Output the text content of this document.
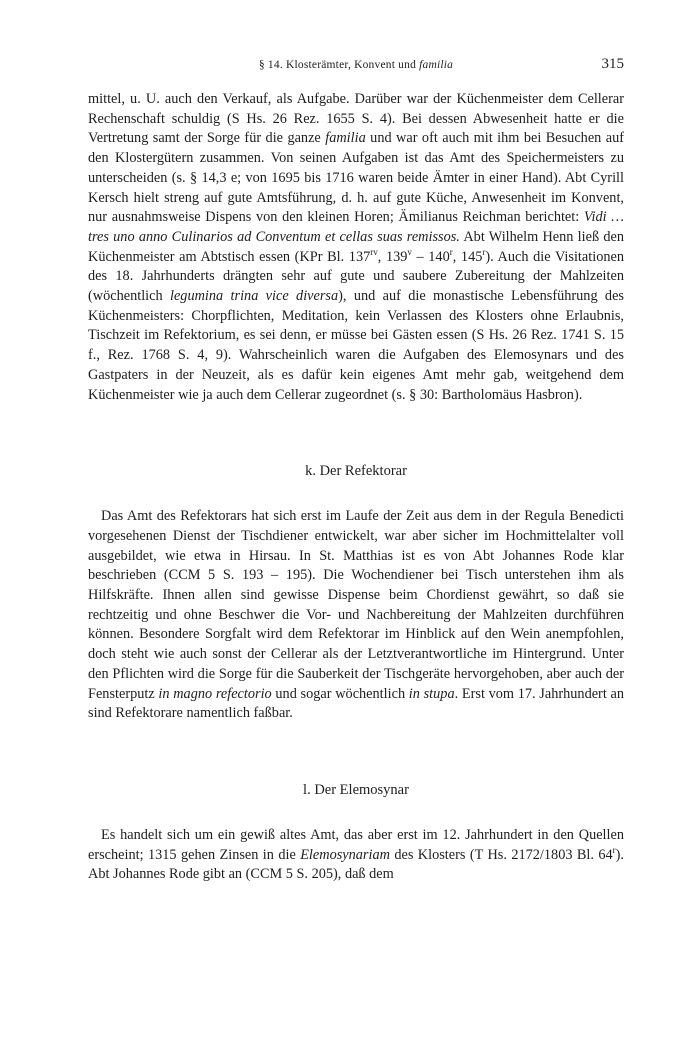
§ 14. Klosterämter, Konvent und familia	315

mittel, u. U. auch den Verkauf, als Aufgabe. Darüber war der Küchenmeister dem Cellerar Rechenschaft schuldig (S Hs. 26 Rez. 1655 S. 4). Bei dessen Abwesenheit hatte er die Vertretung samt der Sorge für die ganze familia und war oft auch mit ihm bei Besuchen auf den Klostergütern zusammen. Von seinen Aufgaben ist das Amt des Speichermeisters zu unterscheiden (s. § 14,3 e; von 1695 bis 1716 waren beide Ämter in einer Hand). Abt Cyrill Kersch hielt streng auf gute Amtsführung, d. h. auf gute Küche, Anwesenheit im Konvent, nur ausnahmsweise Dispens von den kleinen Horen; Ämilianus Reichman berichtet: Vidi … tres uno anno Culinarios ad Conventum et cellas suas remissos. Abt Wilhelm Henn ließ den Küchenmeister am Abtstisch essen (KPr Bl. $137^{rv}$, 139$^v$ – 140$^r$, 145$^r$). Auch die Visitationen des 18. Jahrhunderts drängten sehr auf gute und saubere Zubereitung der Mahlzeiten (wöchentlich legumina trina vice diversa), und auf die monastische Lebensführung des Küchenmeisters: Chorpflichten, Meditation, kein Verlassen des Klosters ohne Erlaubnis, Tischzeit im Refektorium, es sei denn, er müsse bei Gästen essen (S Hs. 26 Rez. 1741 S. 15 f., Rez. 1768 S. 4, 9). Wahrscheinlich waren die Aufgaben des Elemosynars und des Gastpaters in der Neuzeit, als es dafür kein eigenes Amt mehr gab, weitgehend dem Küchenmeister wie ja auch dem Cellerar zugeordnet (s. § 30: Bartholomäus Hasbron).

k. Der Refektorar

Das Amt des Refektorars hat sich erst im Laufe der Zeit aus dem in der Regula Benedicti vorgesehenen Dienst der Tischdiener entwickelt, war aber sicher im Hochmittelalter voll ausgebildet, wie etwa in Hirsau. In St. Matthias ist es von Abt Johannes Rode klar beschrieben (CCM 5 S. 193 – 195). Die Wochendiener bei Tisch unterstehen ihm als Hilfskräfte. Ihnen allen sind gewisse Dispense beim Chordienst gewährt, so daß sie rechtzeitig und ohne Beschwer die Vor- und Nachbereitung der Mahlzeiten durchführen können. Besondere Sorgfalt wird dem Refektorar im Hinblick auf den Wein anempfohlen, doch steht wie auch sonst der Cellerar als der Letztverantwortliche im Hintergrund. Unter den Pflichten wird die Sorge für die Sauberkeit der Tischgeräte hervorgehoben, aber auch der Fensterputz in magno refectorio und sogar wöchentlich in stupa. Erst vom 17. Jahrhundert an sind Refektorare namentlich faßbar.

l. Der Elemosynar

Es handelt sich um ein gewiß altes Amt, das aber erst im 12. Jahrhundert in den Quellen erscheint; 1315 gehen Zinsen in die Elemosynariam des Klosters (T Hs. 2172/1803 Bl. 64$^r$). Abt Johannes Rode gibt an (CCM 5 S. 205), daß dem
